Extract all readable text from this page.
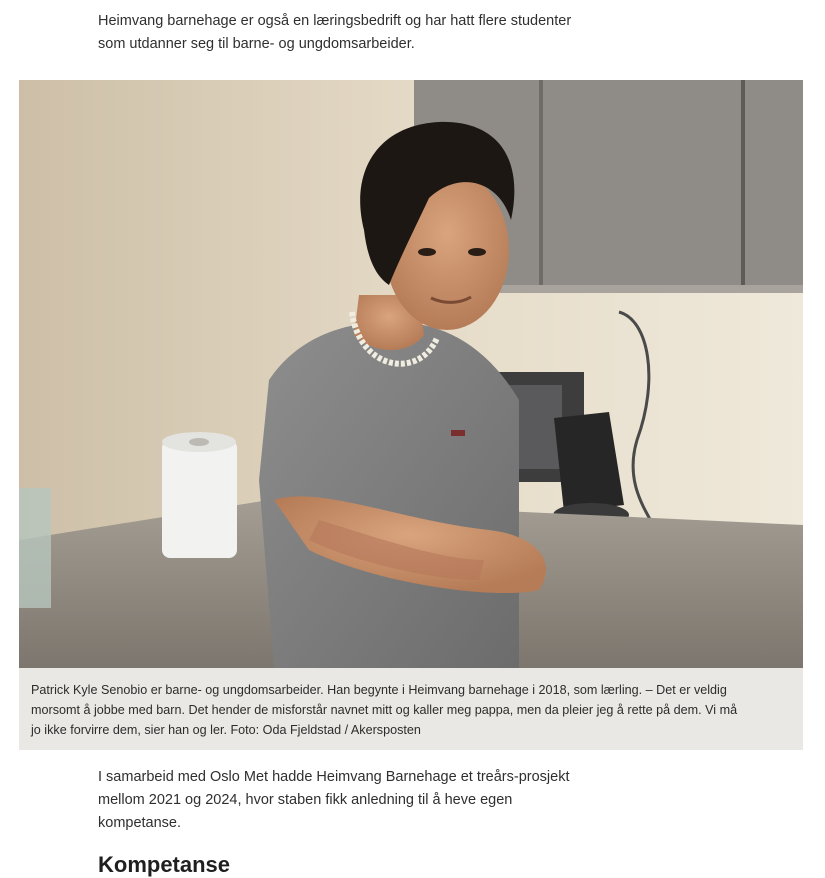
Heimvang barnehage er også en læringsbedrift og har hatt flere studenter
som utdanner seg til barne- og ungdomsarbeider.

Patrick Kyle Senobio er barne- og ungdomsarbeider. Han begynte i Heimvang barnehage i 2018, som lærling. – Det er veldig
morsomt å jobbe med barn. Det hender de misforstår navnet mitt og kaller meg pappa, men da pleier jeg å rette på dem. Vi må
jo ikke forvirre dem, sier han og ler. Foto: Oda Fjeldstad / Akersposten

I samarbeid med Oslo Met hadde Heimvang Barnehage et treårs-prosjekt
mellom 2021 og 2024, hvor staben fikk anledning til å heve egen
kompetanse.

Kompetanse
